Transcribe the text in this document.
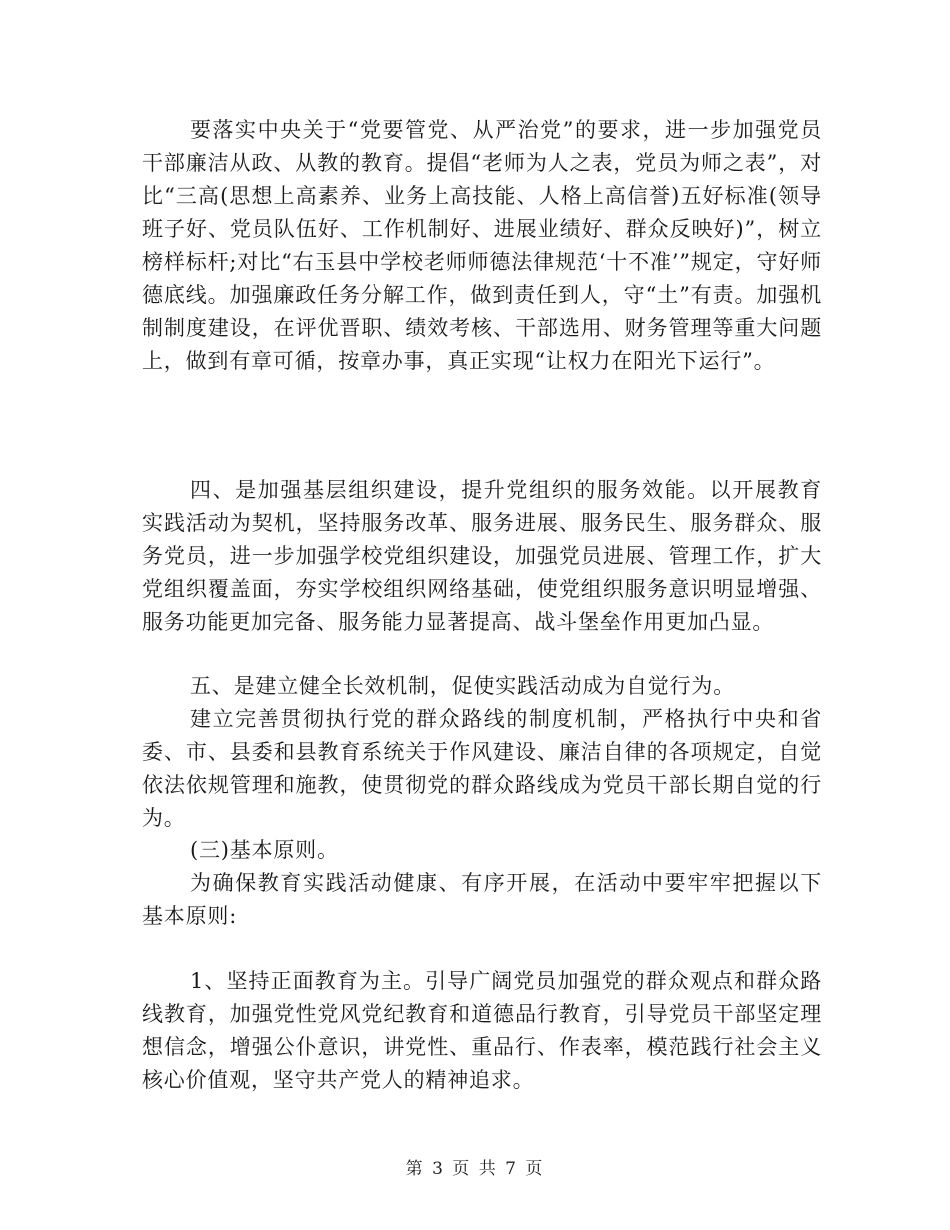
要落实中央关于“党要管党、从严治党”的要求，进一步加强党员干部廉洁从政、从教的教育。提倡“老师为人之表，党员为师之表”，对比“三高(思想上高素养、业务上高技能、人格上高信誉)五好标准(领导班子好、党员队伍好、工作机制好、进展业绩好、群众反映好)”，树立榜样标杆;对比“右玉县中学校老师师德法律规范‘十不准’”规定，守好师德底线。加强廉政任务分解工作，做到责任到人，守“土”有责。加强机制制度建设，在评优晋职、绩效考核、干部选用、财务管理等重大问题上，做到有章可循，按章办事，真正实现“让权力在阳光下运行”。

四、是加强基层组织建设，提升党组织的服务效能。以开展教育实践活动为契机，坚持服务改革、服务进展、服务民生、服务群众、服务党员，进一步加强学校党组织建设，加强党员进展、管理工作，扩大党组织覆盖面，夯实学校组织网络基础，使党组织服务意识明显增强、服务功能更加完备、服务能力显著提高、战斗堡垒作用更加凸显。

五、是建立健全长效机制，促使实践活动成为自觉行为。

建立完善贯彻执行党的群众路线的制度机制，严格执行中央和省委、市、县委和县教育系统关于作风建设、廉洁自律的各项规定，自觉依法依规管理和施教，使贯彻党的群众路线成为党员干部长期自觉的行为。

(三)基本原则。

为确保教育实践活动健康、有序开展，在活动中要牢牢把握以下基本原则:

1、坚持正面教育为主。引导广阔党员加强党的群众观点和群众路线教育，加强党性党风党纪教育和道德品行教育，引导党员干部坚定理想信念，增强公仆意识，讲党性、重品行、作表率，模范践行社会主义核心价值观，坚守共产党人的精神追求。

第 3 页 共 7 页
